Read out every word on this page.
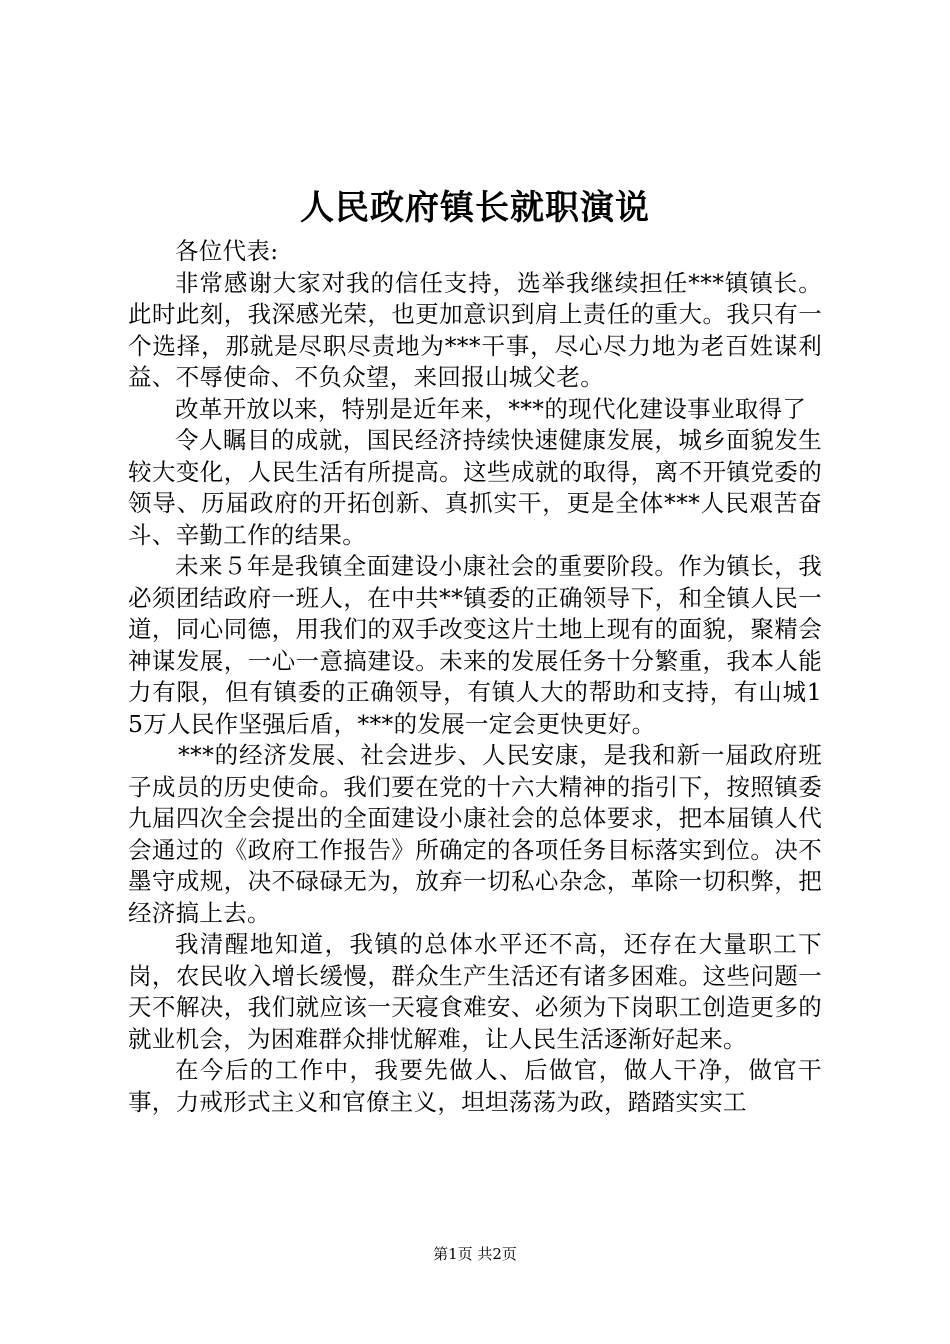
人民政府镇长就职演说

各位代表:

非常感谢大家对我的信任支持，选举我继续担任***镇镇长。此时此刻，我深感光荣，也更加意识到肩上责任的重大。我只有一个选择，那就是尽职尽责地为***干事，尽心尽力地为老百姓谋利益、不辱使命、不负众望，来回报山城父老。

改革开放以来，特别是近年来，***的现代化建设事业取得了

令人瞩目的成就，国民经济持续快速健康发展，城乡面貌发生较大变化，人民生活有所提高。这些成就的取得，离不开镇党委的领导、历届政府的开拓创新、真抓实干，更是全体***人民艰苦奋斗、辛勤工作的结果。

未来５年是我镇全面建设小康社会的重要阶段。作为镇长，我必须团结政府一班人，在中共**镇委的正确领导下，和全镇人民一道，同心同德，用我们的双手改变这片土地上现有的面貌，聚精会神谋发展，一心一意搞建设。未来的发展任务十分繁重，我本人能力有限，但有镇委的正确领导，有镇人大的帮助和支持，有山城15万人民作坚强后盾，***的发展一定会更快更好。

***的经济发展、社会进步、人民安康，是我和新一届政府班子成员的历史使命。我们要在党的十六大精神的指引下，按照镇委九届四次全会提出的全面建设小康社会的总体要求，把本届镇人代会通过的《政府工作报告》所确定的各项任务目标落实到位。决不墨守成规，决不碌碌无为，放弃一切私心杂念，革除一切积弊，把经济搞上去。

我清醒地知道，我镇的总体水平还不高，还存在大量职工下岗，农民收入增长缓慢，群众生产生活还有诸多困难。这些问题一天不解决，我们就应该一天寝食难安、必须为下岗职工创造更多的就业机会，为困难群众排忧解难，让人民生活逐渐好起来。

在今后的工作中，我要先做人、后做官，做人干净，做官干事，力戒形式主义和官僚主义，坦坦荡荡为政，踏踏实实工

第1页 共2页
